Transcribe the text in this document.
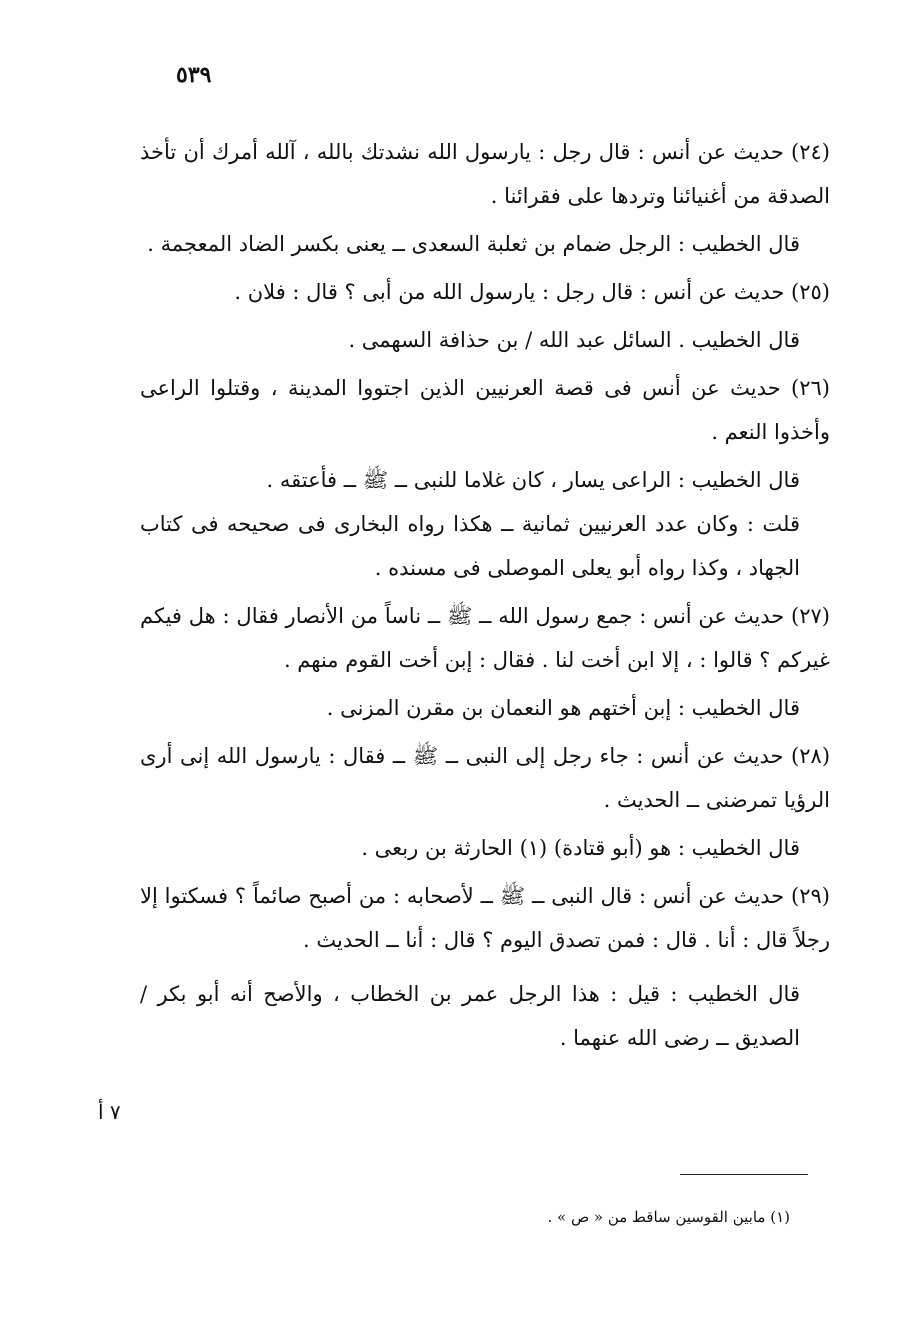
٥٣٩

(٢٤) حديث عن أنس : قال رجل : يارسول الله نشدتك بالله ، آلله أمرك أن تأخذ الصدقة من أغنيائنا وتردها على فقرائنا .

قال الخطيب : الرجل ضمام بن ثعلبة السعدى ــ يعنى بكسر الضاد المعجمة .

(٢٥) حديث عن أنس : قال رجل : يارسول الله من أبى ؟ قال : فلان .

قال الخطيب . السائل عبد الله / بن حذافة السهمى .

(٢٦) حديث عن أنس فى قصة العرنيين الذين اجتووا المدينة ، وقتلوا الراعى وأخذوا النعم .

قال الخطيب : الراعى يسار ، كان غلاما للنبى ــ ﷺ ــ فأعتقه .

قلت : وكان عدد العرنيين ثمانية ــ هكذا رواه البخارى فى صحيحه فى كتاب الجهاد ، وكذا رواه أبو يعلى الموصلى فى مسنده .

(٢٧) حديث عن أنس : جمع رسول الله ــ ﷺ ــ ناساً من الأنصار فقال : هل فيكم غيركم ؟ قالوا : ، إلا ابن أخت لنا . فقال : إبن أخت القوم منهم .

قال الخطيب : إبن أختهم هو النعمان بن مقرن المزنى .

(٢٨) حديث عن أنس : جاء رجل إلى النبى ــ ﷺ ــ فقال : يارسول الله إنى أرى الرؤيا تمرضنى ــ الحديث .

قال الخطيب : هو (أبو قتادة) (١) الحارثة بن ربعى .

(٢٩) حديث عن أنس : قال النبى ــ ﷺ ــ لأصحابه : من أصبح صائماً ؟ فسكتوا إلا رجلاً قال : أنا . قال : فمن تصدق اليوم ؟ قال : أنا ــ الحديث .

قال الخطيب : قيل : هذا الرجل عمر بن الخطاب ، والأصح أنه أبو بكر / الصديق ــ رضى الله عنهما .

٧ أ
(١) مابين القوسين ساقط من « ص » .
